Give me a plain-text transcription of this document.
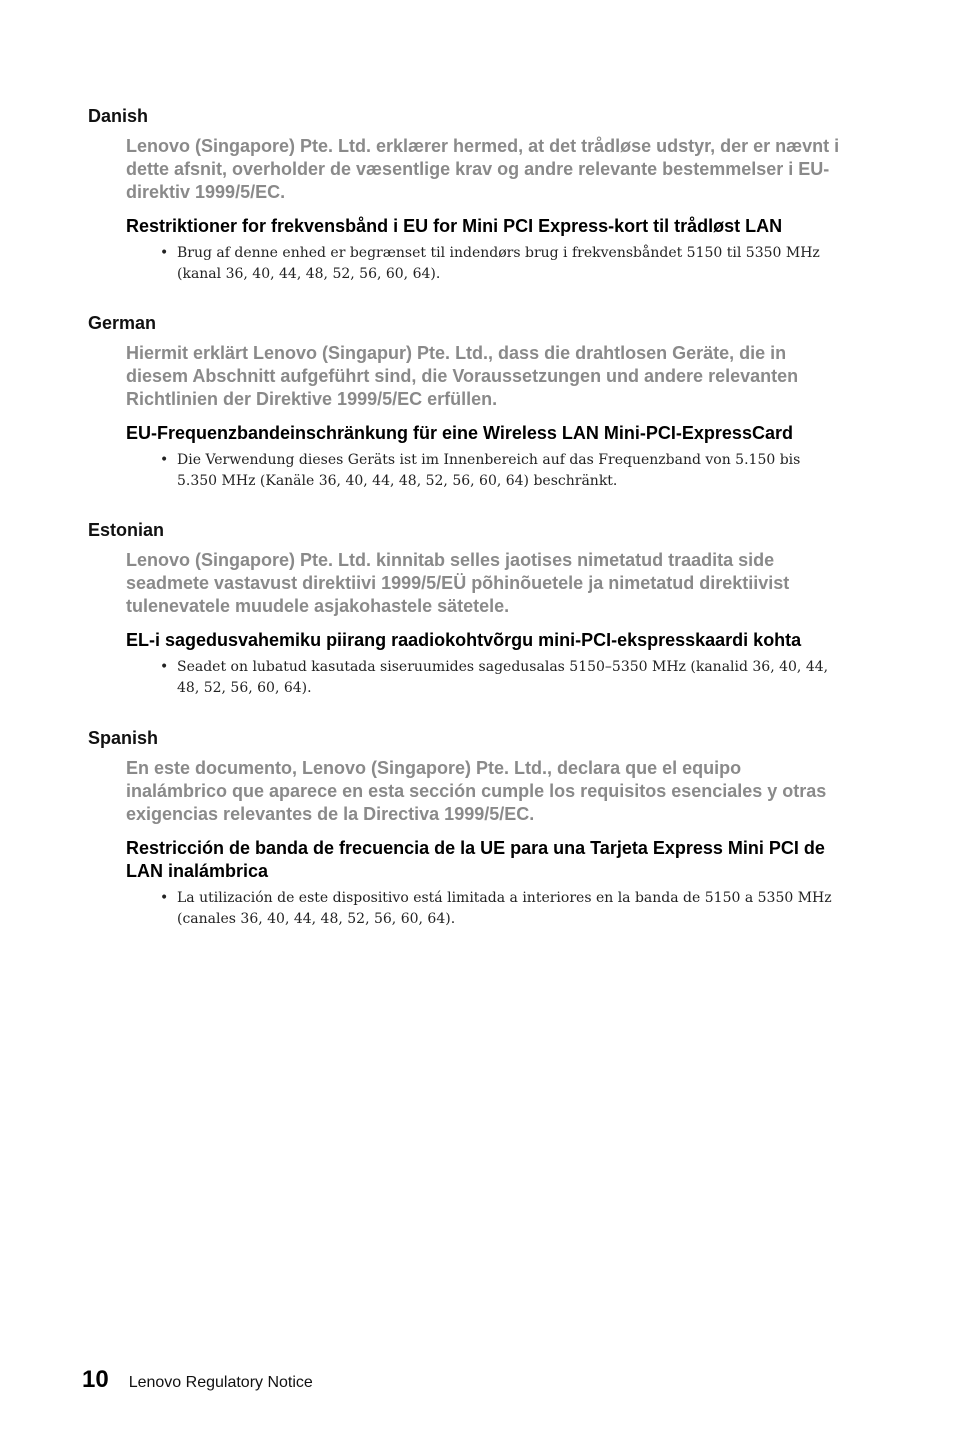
Danish

Lenovo (Singapore) Pte. Ltd. erklærer hermed, at det trådløse udstyr, der er nævnt i dette afsnit, overholder de væsentlige krav og andre relevante bestemmelser i EU-direktiv 1999/5/EC.

Restriktioner for frekvensbånd i EU for Mini PCI Express-kort til trådløst LAN
• Brug af denne enhed er begrænset til indendørs brug i frekvensbåndet 5150 til 5350 MHz (kanal 36, 40, 44, 48, 52, 56, 60, 64).
German

Hiermit erklärt Lenovo (Singapur) Pte. Ltd., dass die drahtlosen Geräte, die in diesem Abschnitt aufgeführt sind, die Voraussetzungen und andere relevanten Richtlinien der Direktive 1999/5/EC erfüllen.

EU-Frequenzbandeinschränkung für eine Wireless LAN Mini-PCI-ExpressCard
• Die Verwendung dieses Geräts ist im Innenbereich auf das Frequenzband von 5.150 bis 5.350 MHz (Kanäle 36, 40, 44, 48, 52, 56, 60, 64) beschränkt.
Estonian

Lenovo (Singapore) Pte. Ltd. kinnitab selles jaotises nimetatud traadita side seadmete vastavust direktiivi 1999/5/EÜ põhinõuetele ja nimetatud direktiivist tulenevatele muudele asjakohastele sätetele.

EL-i sagedusvahemiku piirang raadiokohtvõrgu mini-PCI-ekspresskaardi kohta
• Seadet on lubatud kasutada siseruumides sagedusalas 5150–5350 MHz (kanalid 36, 40, 44, 48, 52, 56, 60, 64).
Spanish

En este documento, Lenovo (Singapore) Pte. Ltd., declara que el equipo inalámbrico que aparece en esta sección cumple los requisitos esenciales y otras exigencias relevantes de la Directiva 1999/5/EC.

Restricción de banda de frecuencia de la UE para una Tarjeta Express Mini PCI de LAN inalámbrica
• La utilización de este dispositivo está limitada a interiores en la banda de 5150 a 5350 MHz (canales 36, 40, 44, 48, 52, 56, 60, 64).
10 Lenovo Regulatory Notice
